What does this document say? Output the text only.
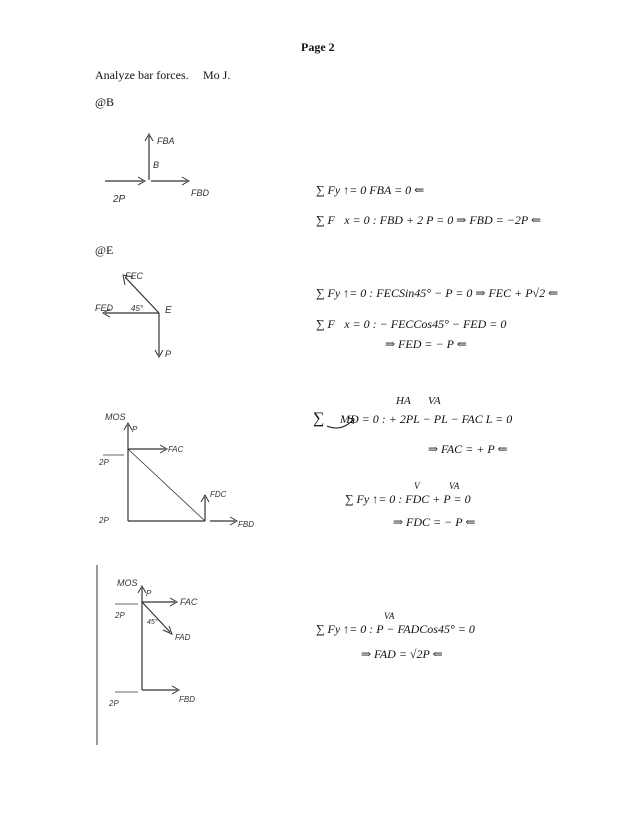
Page 2
Analyze bar forces. Mo J.
@B
FBA
B
FBD
2P
∑ Fy ↑= 0 FBA = 0 ⇐
∑ F⃗x = 0 : FBD + 2 P = 0 ⇒ FBD = −2P ⇐
@E
FEC
FED 45° E
P
∑ Fy ↑= 0 : FECSin45° − P = 0 ⇒ FEC + P√2 ⇐
∑ F⃗x = 0 : − FECCos45° − FED = 0
⇒ FED = − P ⇐
MOS
P
FAC
2P
2P
FDC
FBD
HA VA
∑ MD = 0 : + 2PL − PL − FAC L = 0
⇒ FAC = + P ⇐
V	VA
∑ Fy ↑= 0 : FDC + P = 0
⇒ FDC = − P ⇐
MOS
FBD
P
FAC
FAD
45°
2P
2P
VA
∑ Fy ↑= 0 : P − FADCos45° = 0
⇒ FAD = √2P ⇐
